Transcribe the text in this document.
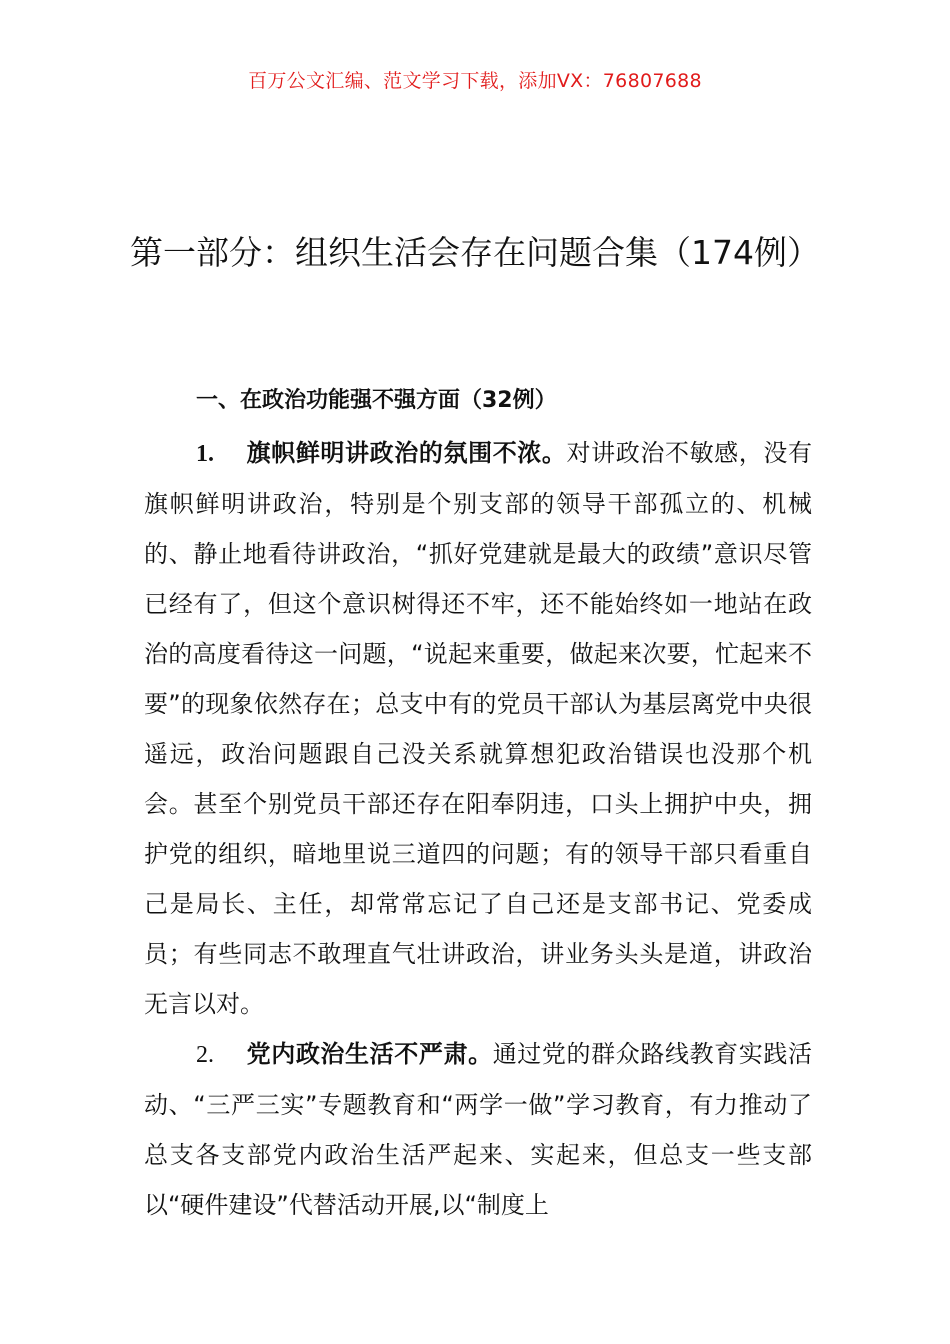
百万公文汇编、范文学习下载，添加VX：76807688
第一部分：组织生活会存在问题合集（174例）
一、在政治功能强不强方面（32例）

1. 旗帜鲜明讲政治的氛围不浓。对讲政治不敏感，没有旗帜鲜明讲政治，特别是个别支部的领导干部孤立的、机械的、静止地看待讲政治，“抓好党建就是最大的政绩”意识尽管已经有了，但这个意识树得还不牢，还不能始终如一地站在政治的高度看待这一问题，“说起来重要，做起来次要，忙起来不要”的现象依然存在；总支中有的党员干部认为基层离党中央很遥远，政治问题跟自己没关系就算想犯政治错误也没那个机会。甚至个别党员干部还存在阳奉阴违，口头上拥护中央，拥护党的组织，暗地里说三道四的问题；有的领导干部只看重自己是局长、主任，却常常忘记了自己还是支部书记、党委成员；有些同志不敢理直气壮讲政治，讲业务头头是道，讲政治无言以对。

2. 党内政治生活不严肃。通过党的群众路线教育实践活动、“三严三实”专题教育和“两学一做”学习教育，有力推动了总支各支部党内政治生活严起来、实起来，但总支一些支部以“硬件建设”代替活动开展,以“制度上
